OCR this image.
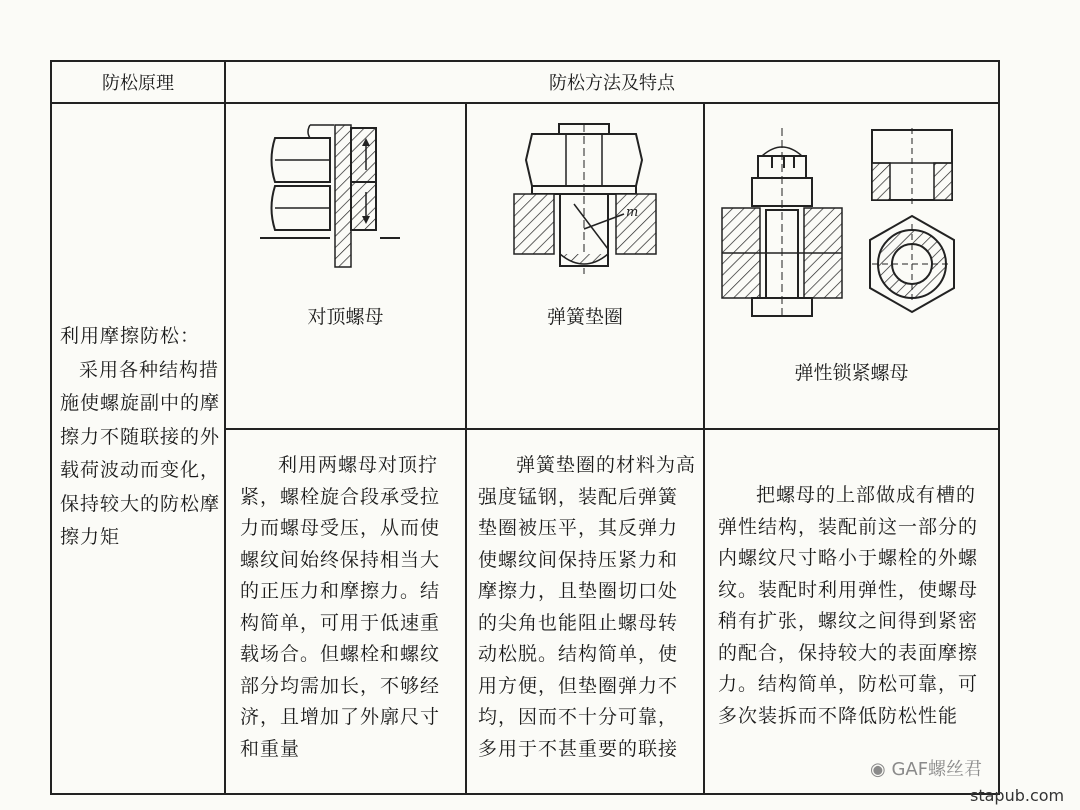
防松原理	防松方法及特点
利用摩擦防松：
采用各种结构措施使螺旋副中的摩擦力不随联接的外载荷波动而变化，保持较大的防松摩擦力矩
对顶螺母
m
弹簧垫圈
弹性锁紧螺母
利用两螺母对顶拧紧，螺栓旋合段承受拉力而螺母受压，从而使螺纹间始终保持相当大的正压力和摩擦力。结构简单，可用于低速重载场合。但螺栓和螺纹部分均需加长，不够经济，且增加了外廓尺寸和重量
弹簧垫圈的材料为高强度锰钢，装配后弹簧垫圈被压平，其反弹力使螺纹间保持压紧力和摩擦力，且垫圈切口处的尖角也能阻止螺母转动松脱。结构简单，使用方便，但垫圈弹力不均，因而不十分可靠，多用于不甚重要的联接
把螺母的上部做成有槽的弹性结构，装配前这一部分的内螺纹尺寸略小于螺栓的外螺纹。装配时利用弹性，使螺母稍有扩张，螺纹之间得到紧密的配合，保持较大的表面摩擦力。结构简单，防松可靠，可多次装拆而不降低防松性能
◉ GAF螺丝君
stapub.com
